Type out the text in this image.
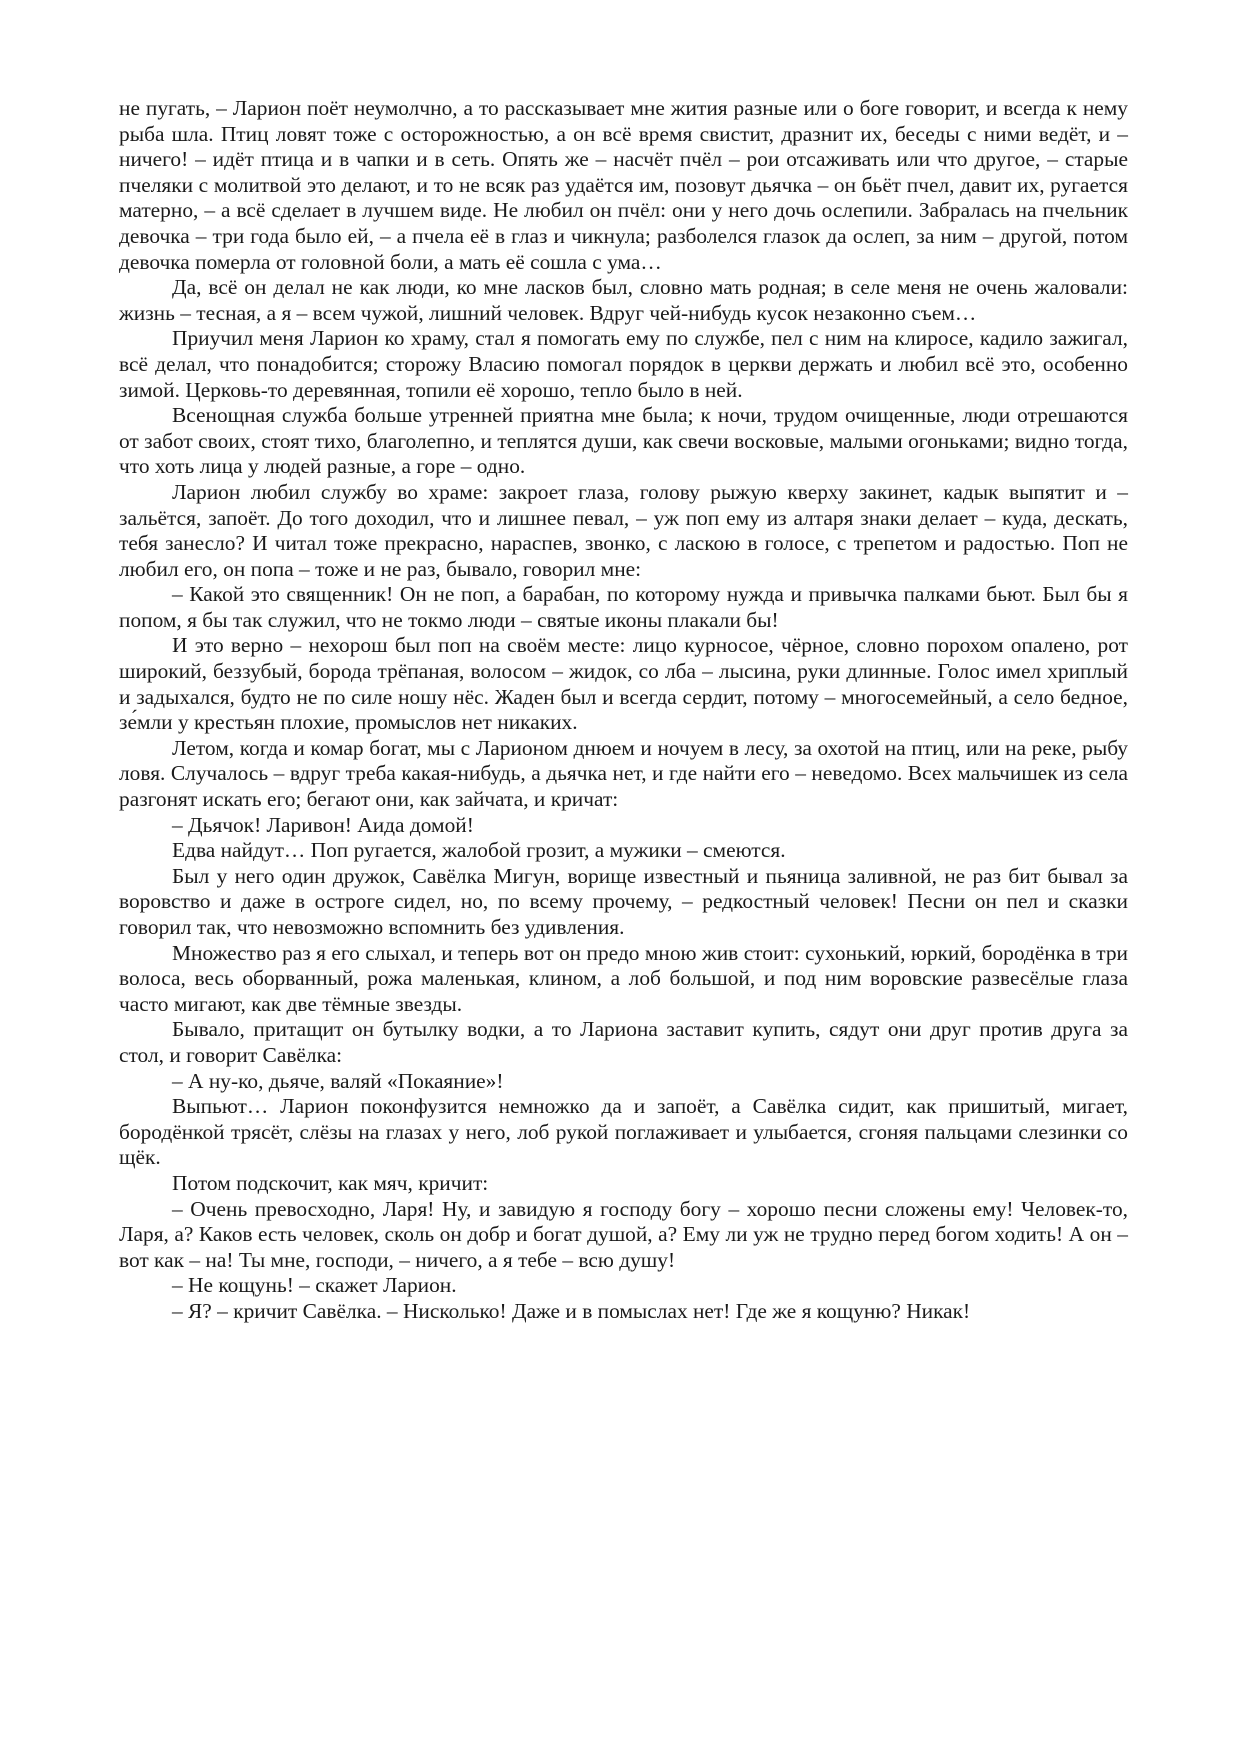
не пугать, – Ларион поёт неумолчно, а то рассказывает мне жития разные или о боге говорит, и всегда к нему рыба шла. Птиц ловят тоже с осторожностью, а он всё время свистит, дразнит их, беседы с ними ведёт, и – ничего! – идёт птица и в чапки и в сеть. Опять же – насчёт пчёл – рои отсаживать или что другое, – старые пчеляки с молитвой это делают, и то не всяк раз удаётся им, позовут дьячка – он бьёт пчел, давит их, ругается матерно, – а всё сделает в лучшем виде. Не любил он пчёл: они у него дочь ослепили. Забралась на пчельник девочка – три года было ей, – а пчела её в глаз и чикнула; разболелся глазок да ослеп, за ним – другой, потом девочка померла от головной боли, а мать её сошла с ума…

Да, всё он делал не как люди, ко мне ласков был, словно мать родная; в селе меня не очень жаловали: жизнь – тесная, а я – всем чужой, лишний человек. Вдруг чей-нибудь кусок незаконно съем…

Приучил меня Ларион ко храму, стал я помогать ему по службе, пел с ним на клиросе, кадило зажигал, всё делал, что понадобится; сторожу Власию помогал порядок в церкви держать и любил всё это, особенно зимой. Церковь-то деревянная, топили её хорошо, тепло было в ней.

Всенощная служба больше утренней приятна мне была; к ночи, трудом очищенные, люди отрешаются от забот своих, стоят тихо, благолепно, и теплятся души, как свечи восковые, малыми огоньками; видно тогда, что хоть лица у людей разные, а горе – одно.

Ларион любил службу во храме: закроет глаза, голову рыжую кверху закинет, кадык выпятит и – зальётся, запоёт. До того доходил, что и лишнее певал, – уж поп ему из алтаря знаки делает – куда, дескать, тебя занесло? И читал тоже прекрасно, нараспев, звонко, с ласкою в голосе, с трепетом и радостью. Поп не любил его, он попа – тоже и не раз, бывало, говорил мне:

– Какой это священник! Он не поп, а барабан, по которому нужда и привычка палками бьют. Был бы я попом, я бы так служил, что не токмо люди – святые иконы плакали бы!

И это верно – нехорош был поп на своём месте: лицо курносое, чёрное, словно порохом опалено, рот широкий, беззубый, борода трёпаная, волосом – жидок, со лба – лысина, руки длинные. Голос имел хриплый и задыхался, будто не по силе ношу нёс. Жаден был и всегда сердит, потому – многосемейный, а село бедное, зе́мли у крестьян плохие, промыслов нет никаких.

Летом, когда и комар богат, мы с Ларионом днюем и ночуем в лесу, за охотой на птиц, или на реке, рыбу ловя. Случалось – вдруг треба какая-нибудь, а дьячка нет, и где найти его – неведомо. Всех мальчишек из села разгонят искать его; бегают они, как зайчата, и кричат:

– Дьячок! Ларивон! Аида домой!

Едва найдут… Поп ругается, жалобой грозит, а мужики – смеются.

Был у него один дружок, Савёлка Мигун, ворище известный и пьяница заливной, не раз бит бывал за воровство и даже в остроге сидел, но, по всему прочему, – редкостный человек! Песни он пел и сказки говорил так, что невозможно вспомнить без удивления.

Множество раз я его слыхал, и теперь вот он предо мною жив стоит: сухонький, юркий, бородёнка в три волоса, весь оборванный, рожа маленькая, клином, а лоб большой, и под ним воровские развесёлые глаза часто мигают, как две тёмные звезды.

Бывало, притащит он бутылку водки, а то Лариона заставит купить, сядут они друг против друга за стол, и говорит Савёлка:

– А ну-ко, дьяче, валяй «Покаяние»!

Выпьют… Ларион поконфузится немножко да и запоёт, а Савёлка сидит, как пришитый, мигает, бородёнкой трясёт, слёзы на глазах у него, лоб рукой поглаживает и улыбается, сгоняя пальцами слезинки со щёк.

Потом подскочит, как мяч, кричит:

– Очень превосходно, Ларя! Ну, и завидую я господу богу – хорошо песни сложены ему! Человек-то, Ларя, а? Каков есть человек, сколь он добр и богат душой, а? Ему ли уж не трудно перед богом ходить! А он – вот как – на! Ты мне, господи, – ничего, а я тебе – всю душу!

– Не кощунь! – скажет Ларион.

– Я? – кричит Савёлка. – Нисколько! Даже и в помыслах нет! Где же я кощуню? Никак!
